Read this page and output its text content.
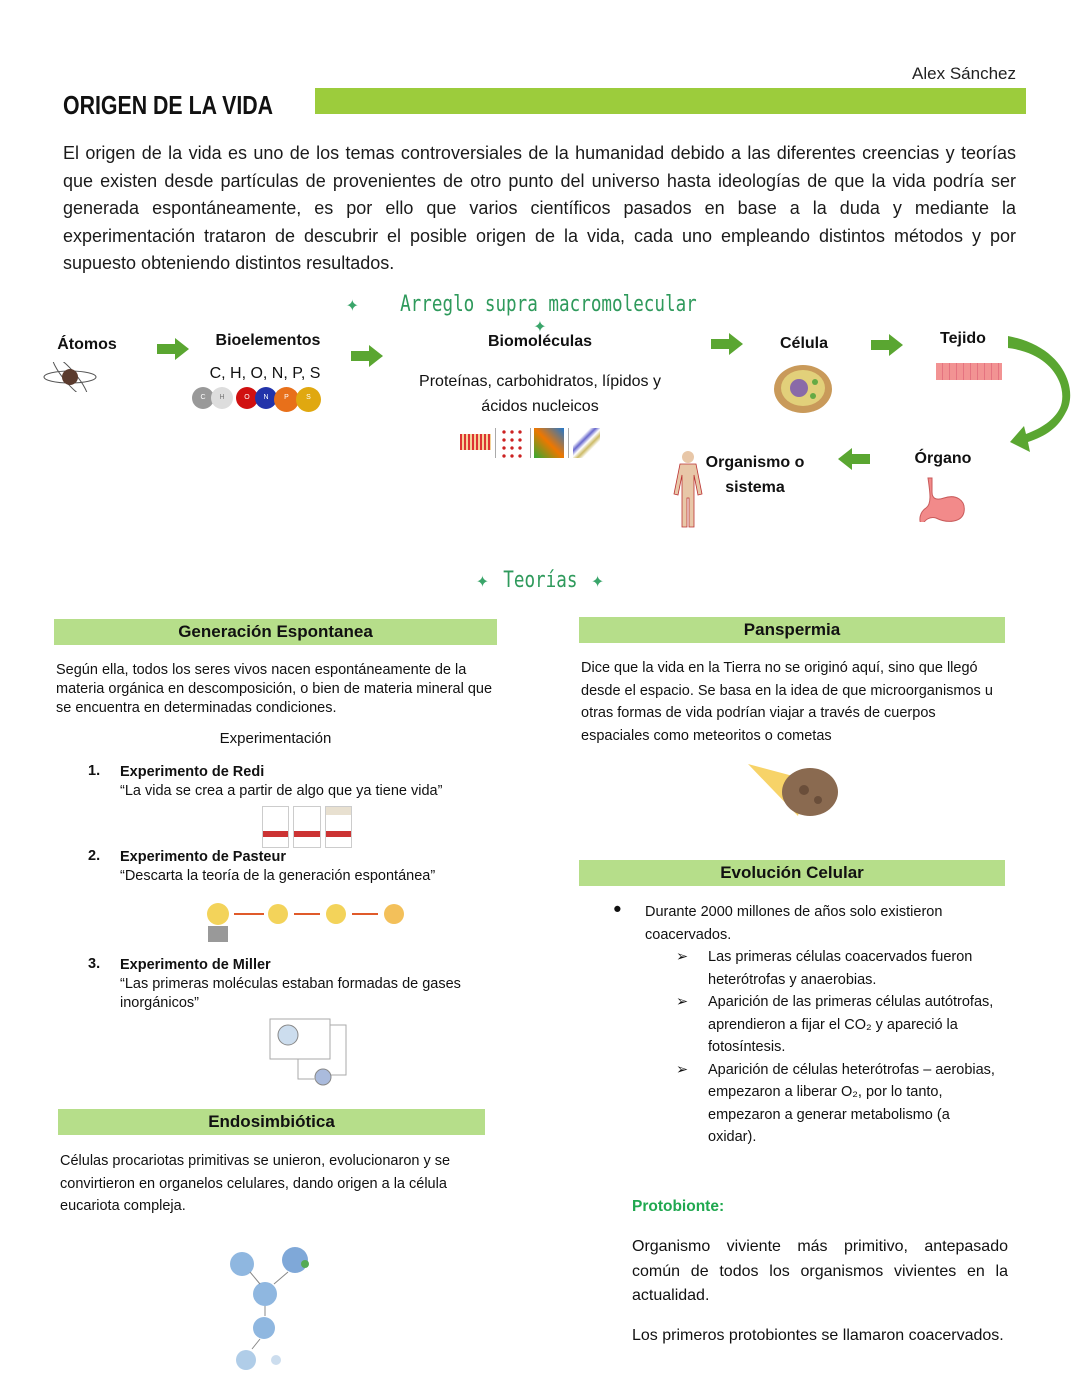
Alex Sánchez
ORIGEN DE LA VIDA

El origen de la vida es uno de los temas controversiales de la humanidad debido a las diferentes creencias y teorías que existen desde partículas de provenientes de otro punto del universo hasta ideologías de que la vida podría ser generada espontáneamente, es por ello que varios científicos pasados en base a la duda y mediante la experimentación trataron de descubrir el posible origen de la vida, cada uno empleando distintos métodos y por supuesto obteniendo distintos resultados.

✦ Arreglo supra macromolecular ✦
Átomos	Bioelementos
C, H, O, N, P, S
C H	O N P S
Biomoléculas
Proteínas, carbohidratos, lípidos y ácidos nucleicos
Célula	Tejido
Órgano
Organismo o sistema
✦ Teorías ✦
Generación Espontanea

Según ella, todos los seres vivos nacen espontáneamente de la materia orgánica en descomposición, o bien de materia mineral que se encuentra en determinadas condiciones.

Experimentación
1. Experimento de Redi
“La vida se crea a partir de algo que ya tiene vida”
2. Experimento de Pasteur
“Descarta la teoría de la generación espontánea”
3. Experimento de Miller
“Las primeras moléculas estaban formadas de gases inorgánicos”
Endosimbiótica

Células procariotas primitivas se unieron, evolucionaron y se convirtieron en organelos celulares, dando origen a la célula eucariota compleja.

Panspermia

Dice que la vida en la Tierra no se originó aquí, sino que llegó desde el espacio. Se basa en la idea de que microorganismos u otras formas de vida podrían viajar a través de cuerpos espaciales como meteoritos o cometas

Evolución Celular
● Durante 2000 millones de años solo existieron coacervados.

➢ Las primeras células coacervados fueron heterótrofas y anaerobias.
➢ Aparición de las primeras células autótrofas, aprendieron a fijar el CO₂ y apareció la fotosíntesis.
➢ Aparición de células heterótrofas – aerobias, empezaron a liberar O₂, por lo tanto, empezaron a generar metabolismo (a oxidar).
Protobionte:

Organismo viviente más primitivo, antepasado común de todos los organismos vivientes en la actualidad.

Los primeros protobiontes se llamaron coacervados.
